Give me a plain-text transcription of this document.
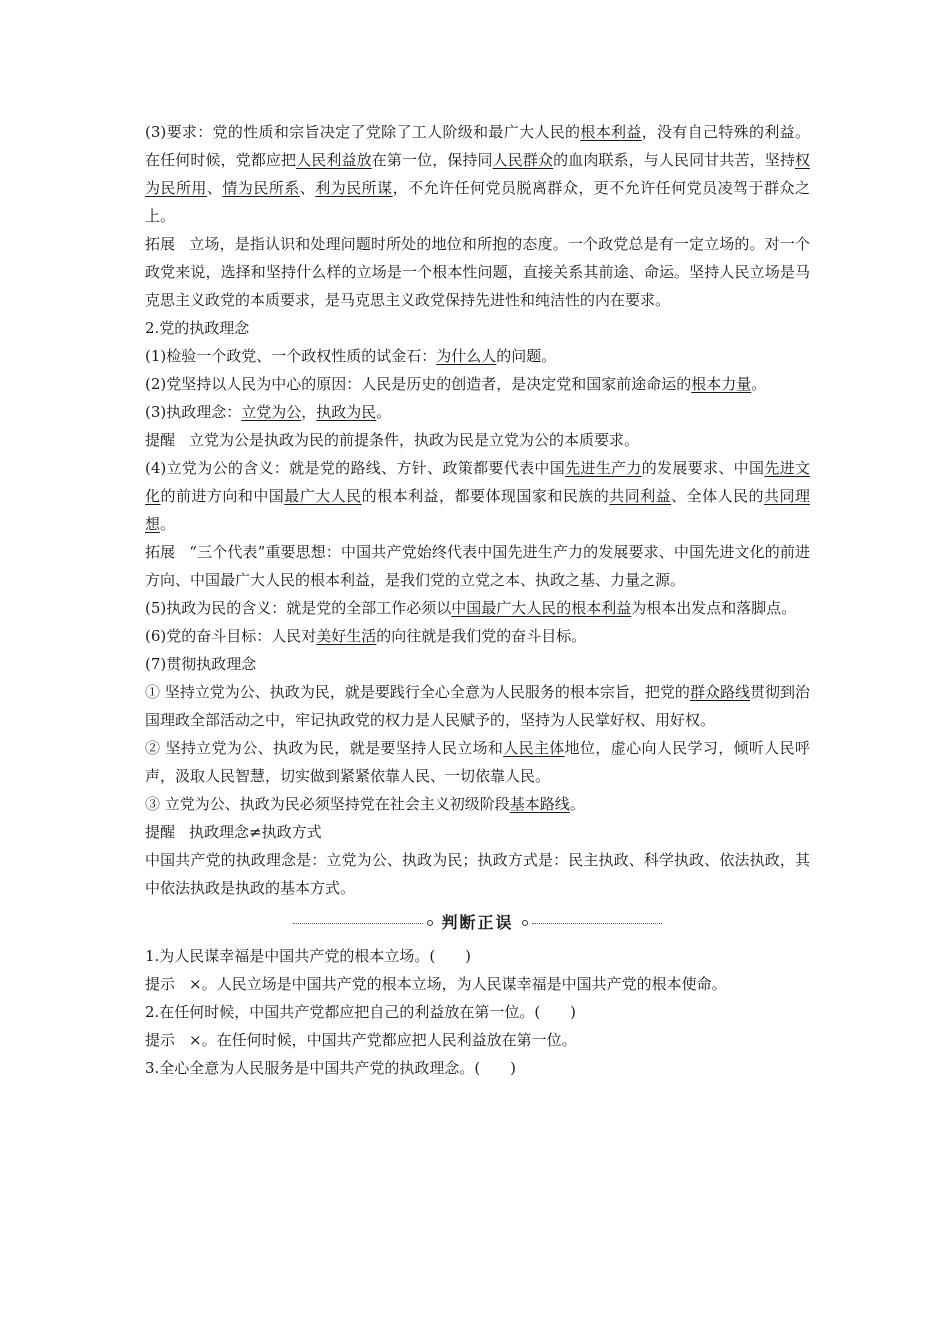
(3)要求：党的性质和宗旨决定了党除了工人阶级和最广大人民的根本利益，没有自己特殊的利益。在任何时候，党都应把人民利益放在第一位，保持同人民群众的血肉联系，与人民同甘共苦，坚持权为民所用、情为民所系、利为民所谋，不允许任何党员脱离群众，更不允许任何党员凌驾于群众之上。

拓展 立场，是指认识和处理问题时所处的地位和所抱的态度。一个政党总是有一定立场的。对一个政党来说，选择和坚持什么样的立场是一个根本性问题，直接关系其前途、命运。坚持人民立场是马克思主义政党的本质要求，是马克思主义政党保持先进性和纯洁性的内在要求。

2.党的执政理念

(1)检验一个政党、一个政权性质的试金石：为什么人的问题。

(2)党坚持以人民为中心的原因：人民是历史的创造者，是决定党和国家前途命运的根本力量。

(3)执政理念：立党为公，执政为民。

提醒 立党为公是执政为民的前提条件，执政为民是立党为公的本质要求。

(4)立党为公的含义：就是党的路线、方针、政策都要代表中国先进生产力的发展要求、中国先进文化的前进方向和中国最广大人民的根本利益，都要体现国家和民族的共同利益、全体人民的共同理想。

拓展 “三个代表”重要思想：中国共产党始终代表中国先进生产力的发展要求、中国先进文化的前进方向、中国最广大人民的根本利益，是我们党的立党之本、执政之基、力量之源。

(5)执政为民的含义：就是党的全部工作必须以中国最广大人民的根本利益为根本出发点和落脚点。

(6)党的奋斗目标：人民对美好生活的向往就是我们党的奋斗目标。

(7)贯彻执政理念

① 坚持立党为公、执政为民，就是要践行全心全意为人民服务的根本宗旨，把党的群众路线贯彻到治国理政全部活动之中，牢记执政党的权力是人民赋予的，坚持为人民掌好权、用好权。

② 坚持立党为公、执政为民，就是要坚持人民立场和人民主体地位，虚心向人民学习，倾听人民呼声，汲取人民智慧，切实做到紧紧依靠人民、一切依靠人民。

③ 立党为公、执政为民必须坚持党在社会主义初级阶段基本路线。

提醒 执政理念≠执政方式

中国共产党的执政理念是：立党为公、执政为民；执政方式是：民主执政、科学执政、依法执政，其中依法执政是执政的基本方式。

判断正误

1.为人民谋幸福是中国共产党的根本立场。(　　)

提示 ×。人民立场是中国共产党的根本立场，为人民谋幸福是中国共产党的根本使命。

2.在任何时候，中国共产党都应把自己的利益放在第一位。(　　)

提示 ×。在任何时候，中国共产党都应把人民利益放在第一位。

3.全心全意为人民服务是中国共产党的执政理念。(　　)
